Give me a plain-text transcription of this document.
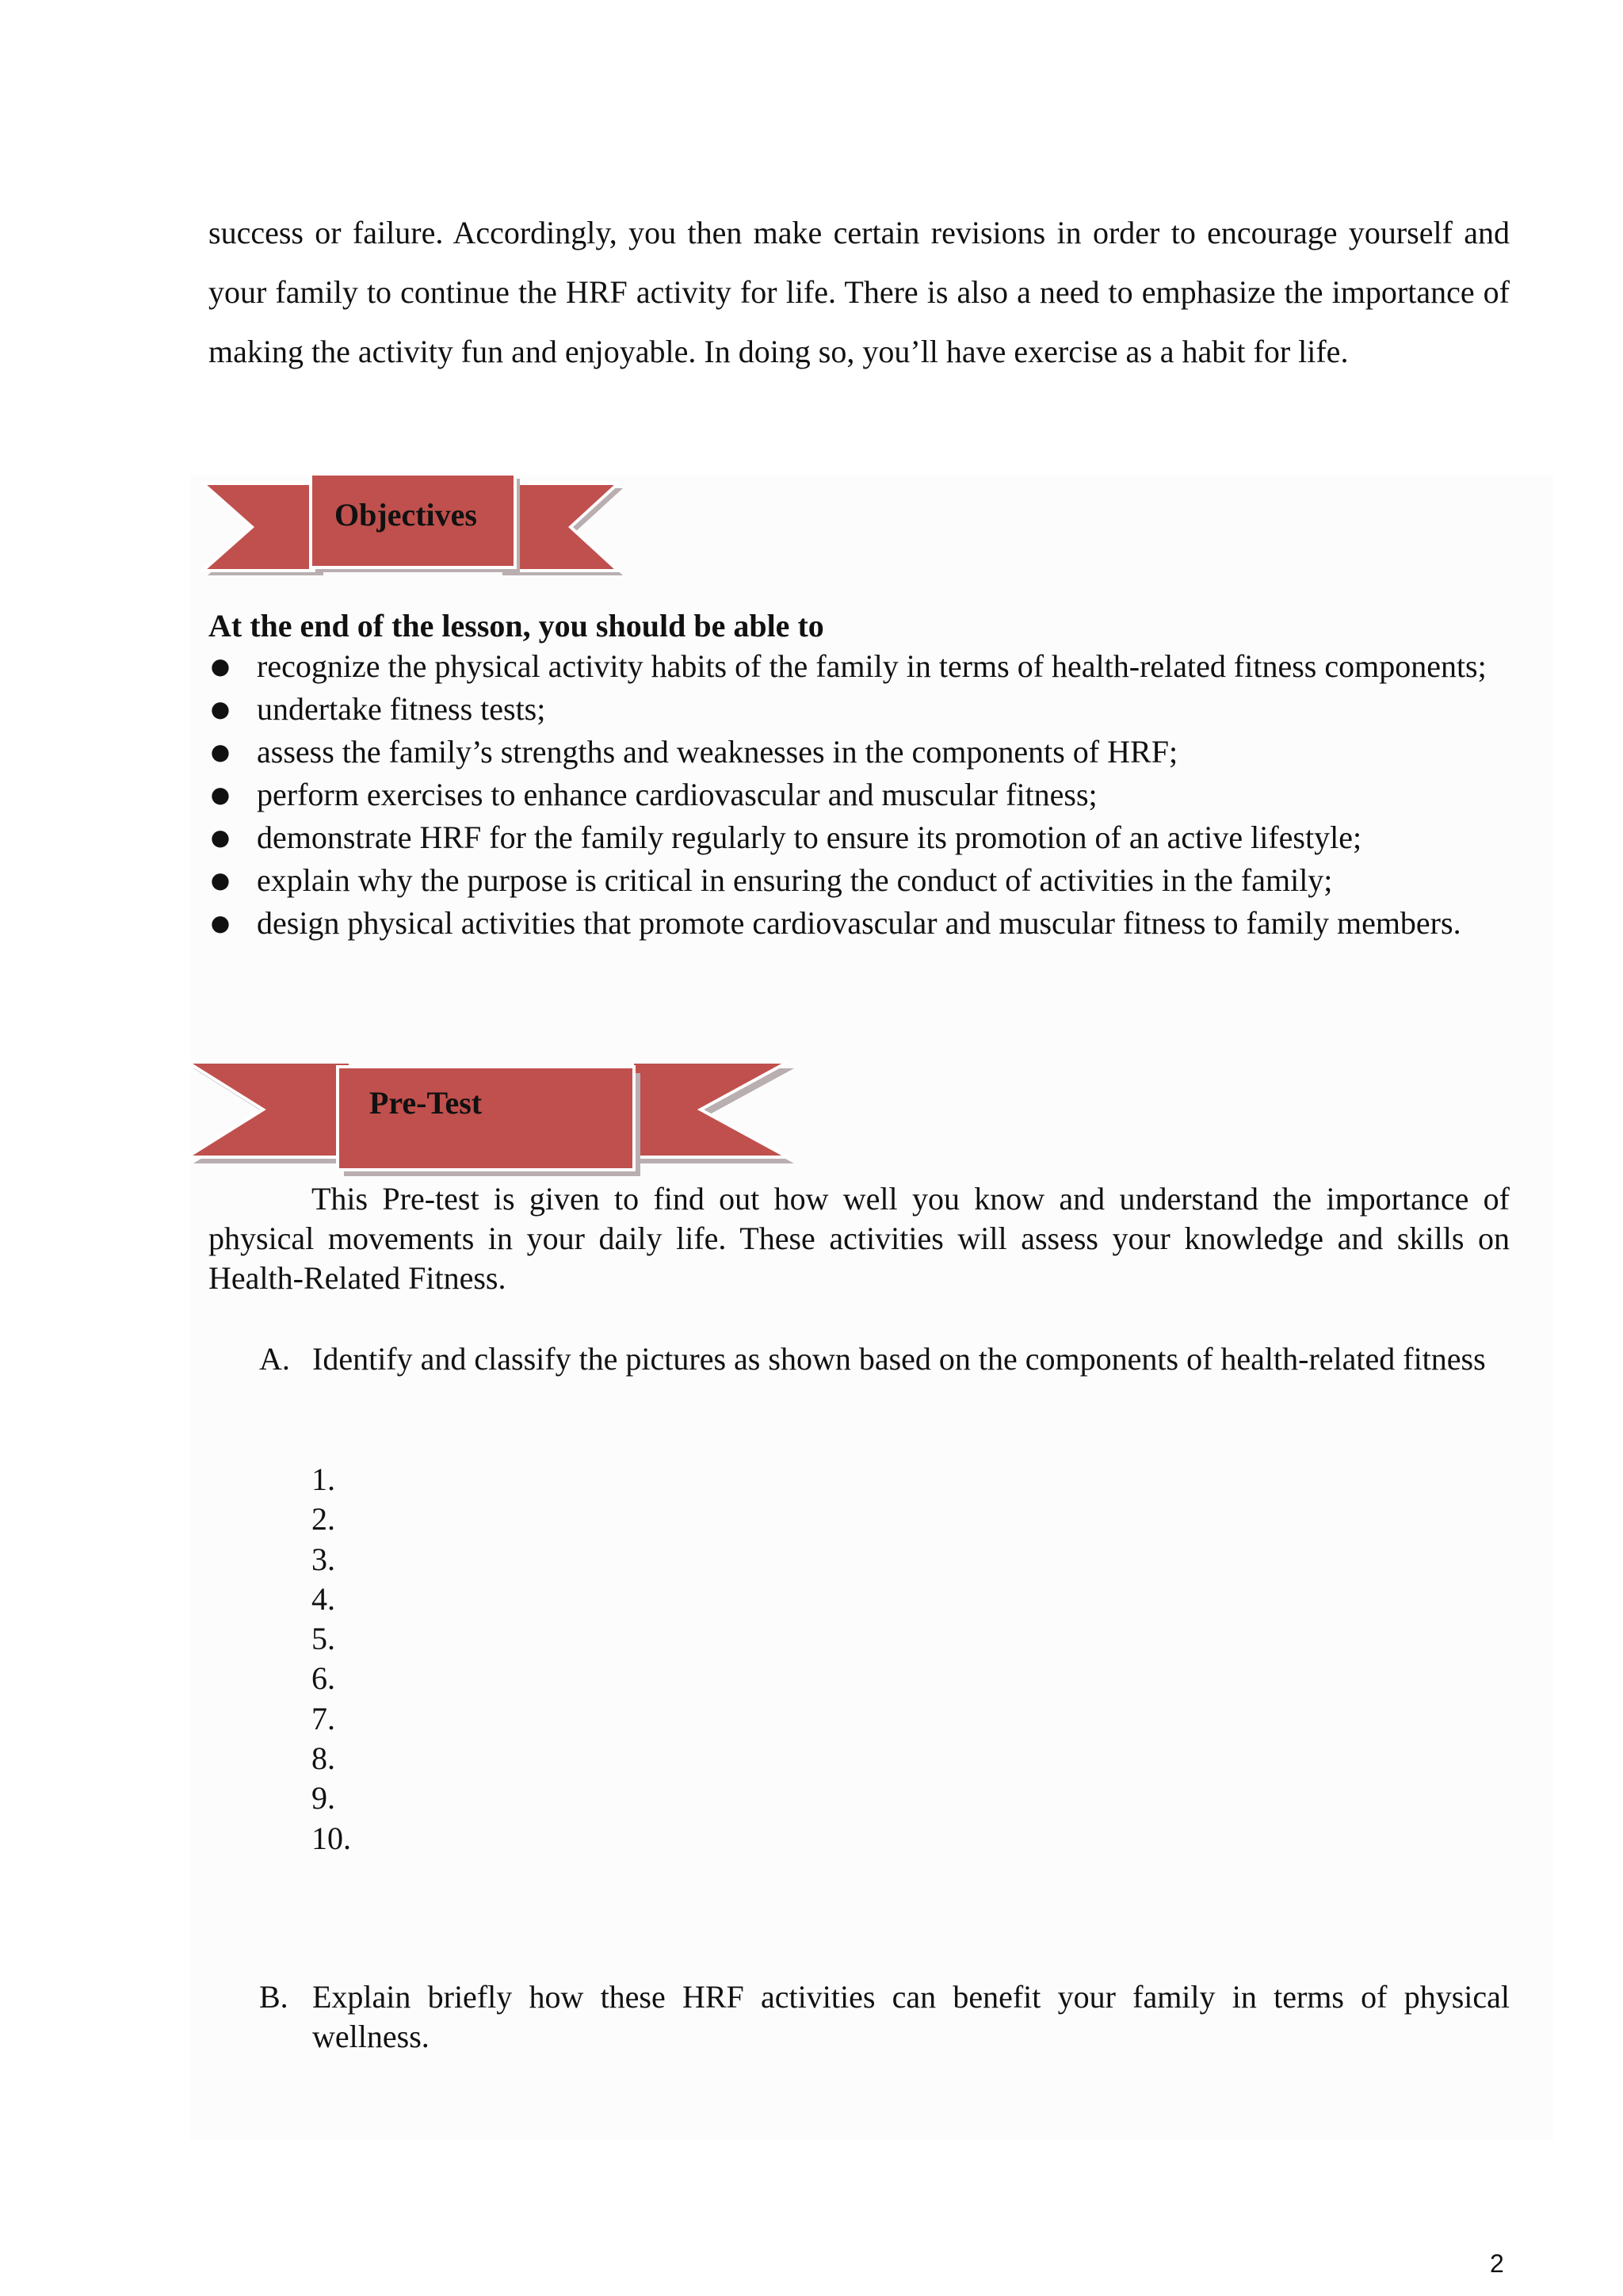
success or failure. Accordingly, you then make certain revisions in order to encourage yourself and your family to continue the HRF activity for life. There is also a need to emphasize the importance of making the activity fun and enjoyable. In doing so, you’ll have exercise as a habit for life.

Objectives

At the end of the lesson, you should be able to

● recognize the physical activity habits of the family in terms of health-related fitness components;
● undertake fitness tests;
● assess the family’s strengths and weaknesses in the components of HRF;
● perform exercises to enhance cardiovascular and muscular fitness;
● demonstrate HRF for the family regularly to ensure its promotion of an active lifestyle;
● explain why the purpose is critical in ensuring the conduct of activities in the family;
● design physical activities that promote cardiovascular and muscular fitness to family members.
Pre-Test

This Pre-test is given to find out how well you know and understand the importance of physical movements in your daily life. These activities will assess your knowledge and skills on Health-Related Fitness.

A. Identify and classify the pictures as shown based on the components of health-related fitness
1.
2.
3.
4.
5.
6.
7.
8.
9.
10.
B. Explain briefly how these HRF activities can benefit your family in terms of physical wellness.
2
